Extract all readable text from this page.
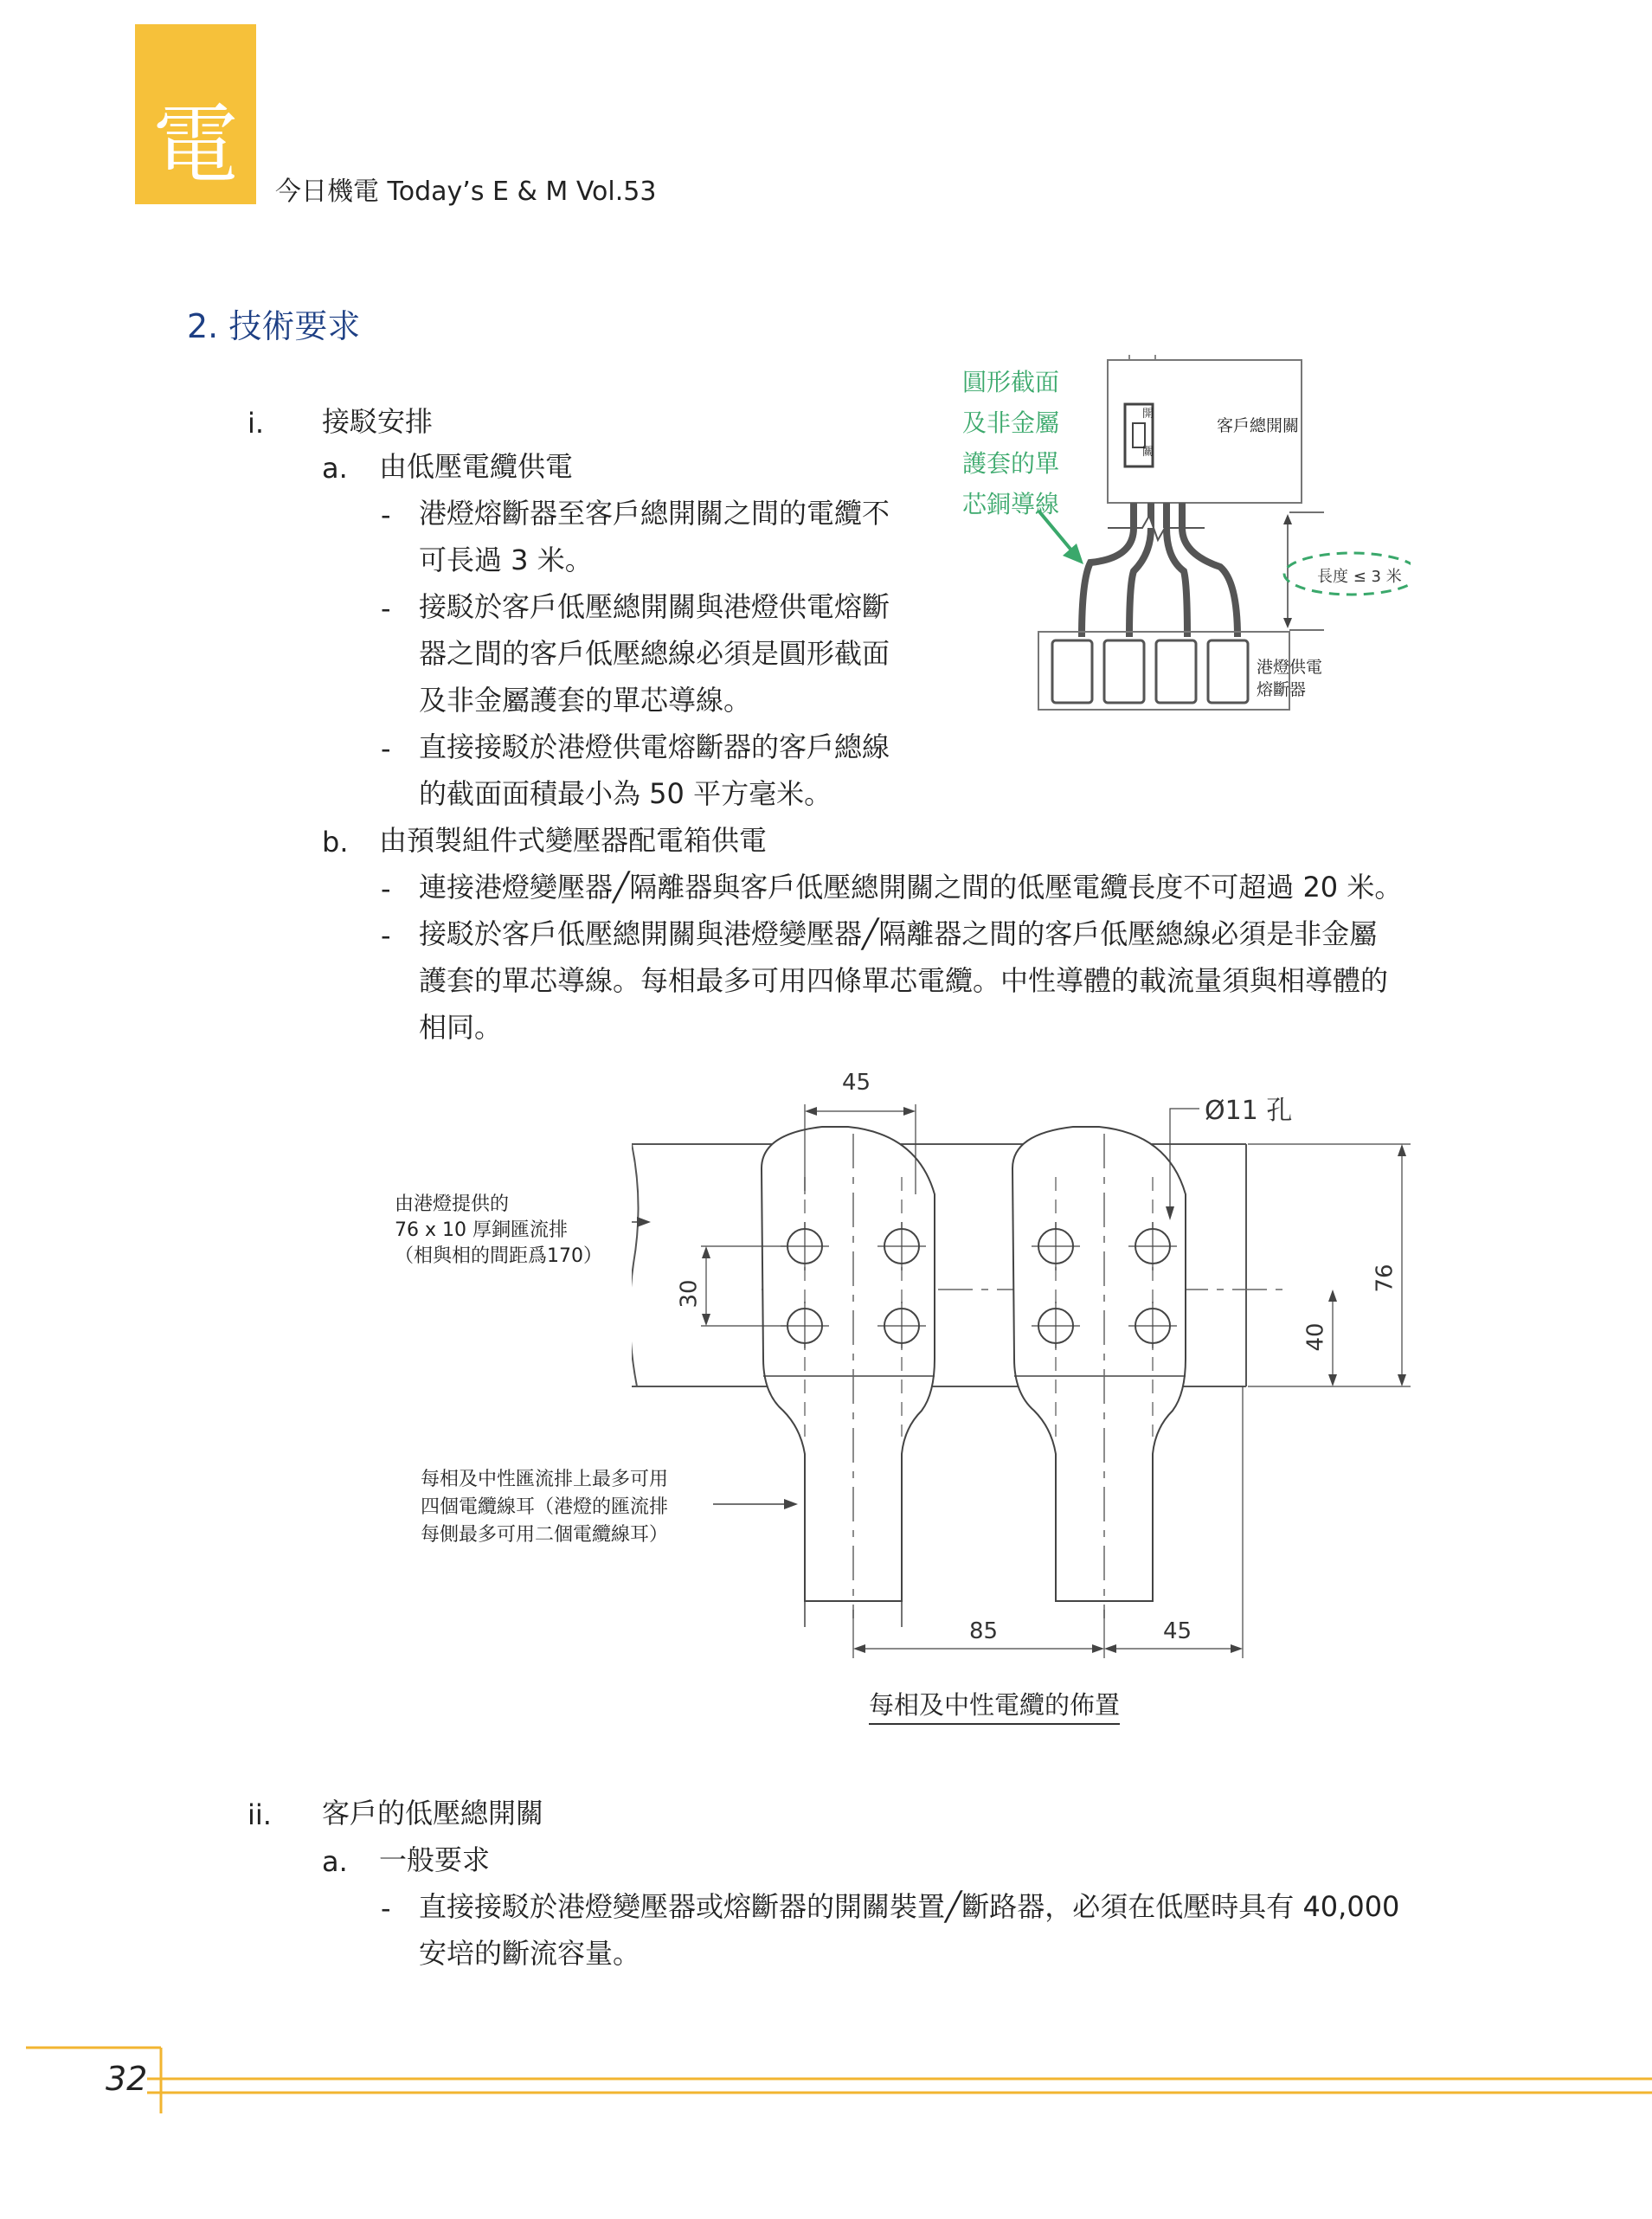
電 今日機電 Today’s E & M Vol.53
2. 技術要求
i. 接駁安排
a. 由低壓電纜供電
- 港燈熔斷器至客戶總開關之間的電纜不
可長過 3 米。
- 接駁於客戶低壓總開關與港燈供電熔斷
器之間的客戶低壓總線必須是圓形截面
及非金屬護套的單芯導線。
- 直接接駁於港燈供電熔斷器的客戶總線
的截面面積最小為 50 平方毫米。
b. 由預製組件式變壓器配電箱供電
- 連接港燈變壓器╱隔離器與客戶低壓總開關之間的低壓電纜長度不可超過 20 米。
- 接駁於客戶低壓總開關與港燈變壓器╱隔離器之間的客戶低壓總線必須是非金屬
護套的單芯導線。每相最多可用四條單芯電纜。中性導體的載流量須與相導體的
相同。
圓形截面
及非金屬
護套的單
芯銅導線
開
關
客戶總開關
長度 ≤ 3 米
港燈供電
熔斷器
45
Ø11 孔
30
40
76
85	45
由港燈提供的
76 x 10 厚銅匯流排
（相與相的間距爲170）
每相及中性匯流排上最多可用
四個電纜線耳（港燈的匯流排
每側最多可用二個電纜線耳）
每相及中性電纜的佈置
ii. 客戶的低壓總開關
a. 一般要求
- 直接接駁於港燈變壓器或熔斷器的開關裝置╱斷路器，必須在低壓時具有 40,000
安培的斷流容量。
32
